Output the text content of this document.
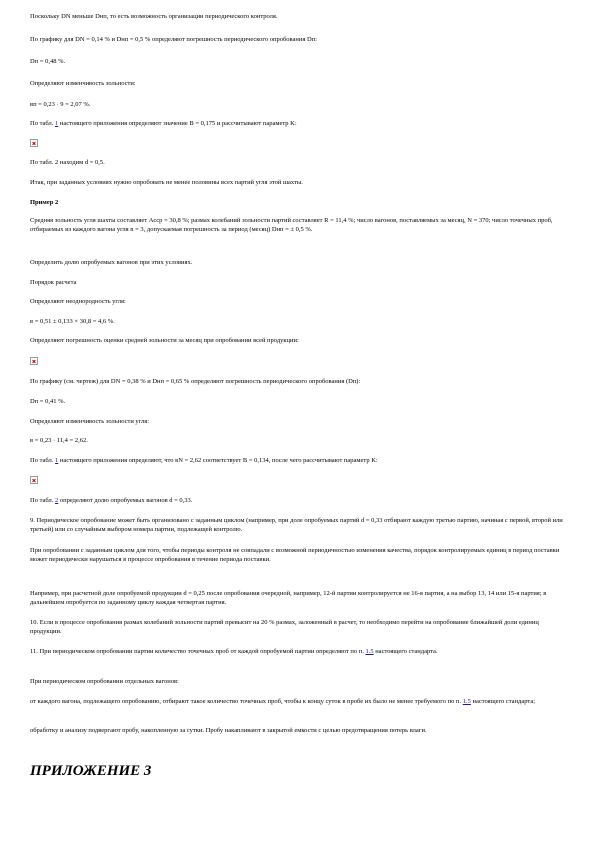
Поскольку DN меньше Dнп, то есть возможность организации периодического контроля.
По графику для DN = 0,14 % и Dнп = 0,5 % определяют погрешность периодического опробования Dп:
Dп = 0,48 %.
Определяют изменчивость зольности:
вп = 0,23 · 9 = 2,07 %.
По табл. 1 настоящего приложения определяют значение B = 0,175 и рассчитывают параметр K:
По табл. 2 находим d = 0,5.
Итак, при заданных условиях нужно опробовать не менее половины всех партий угля этой шахты.
Пример 2
Средняя зольность угля шахты составляет Aсср = 30,8 %; размах колебаний зольности партий составляет R = 11,4 %; число вагонов, поставляемых за месяц, N = 370; число точечных проб, отбираемых из каждого вагона угля n = 3, допускаемая погрешность за период (месяц) Dнп = ± 0,5 %.
Определить долю опробуемых вагонов при этих условиях.
Порядок расчета
Определяют неоднородность угля:
в = 0,51 ± 0,133 × 30,8 = 4,6 %.
Определяют погрешность оценки средней зольности за месяц при опробовании всей продукции:
По графику (см. чертеж) для DN = 0,38 % и Dнп = 0,65 % определяют погрешность периодического опробования (Dп):
Dп = 0,41 %.
Определяют изменчивость зольности угля:
в = 0,23 · 11,4 = 2,62.
По табл. 1 настоящего приложения определяют, что вN = 2,62 соответствует B = 0,134, после чего рассчитывают параметр K:
По табл. 2 определяют долю опробуемых вагонов d = 0,33.
9. Периодическое опробование может быть организовано с заданным циклом (например, при доле опробуемых партий d = 0,33 отбирают каждую третью партию, начиная с первой, второй или третьей) или со случайным выбором номера партии, подлежащей контролю.
При опробовании с заданным циклом для того, чтобы периоды контроля не совпадали с возможной периодичностью изменения качества, порядок контролируемых единиц в период поставки может периодически нарушаться в процессе опробования в течение периода поставки.
Например, при расчетной доле опробуемой продукции d = 0,25 после опробования очередной, например, 12-й партии контролируется не 16-я партия, а на выбор 13, 14 или 15-я партия; в дальнейшем опробуется по заданному циклу каждая четвертая партия.
10. Если в процессе опробования размах колебаний зольности партий превысит на 20 % размах, заложенный в расчет, то необходимо перейти на опробование ближайшей доли единиц продукции.
11. При периодическом опробовании партии количество точечных проб от каждой опробуемой партии определяют по п. 1.5 настоящего стандарта.
При периодическом опробовании отдельных вагонов:
от каждого вагона, подлежащего опробованию, отбирают такое количество точечных проб, чтобы к концу суток в пробе их было не менее требуемого по п. 1.5 настоящего стандарта;
обработку и анализу подвергают пробу, накопленную за сутки. Пробу накапливают в закрытой емкости с целью предотвращения потерь влаги.
ПРИЛОЖЕНИЕ 3
